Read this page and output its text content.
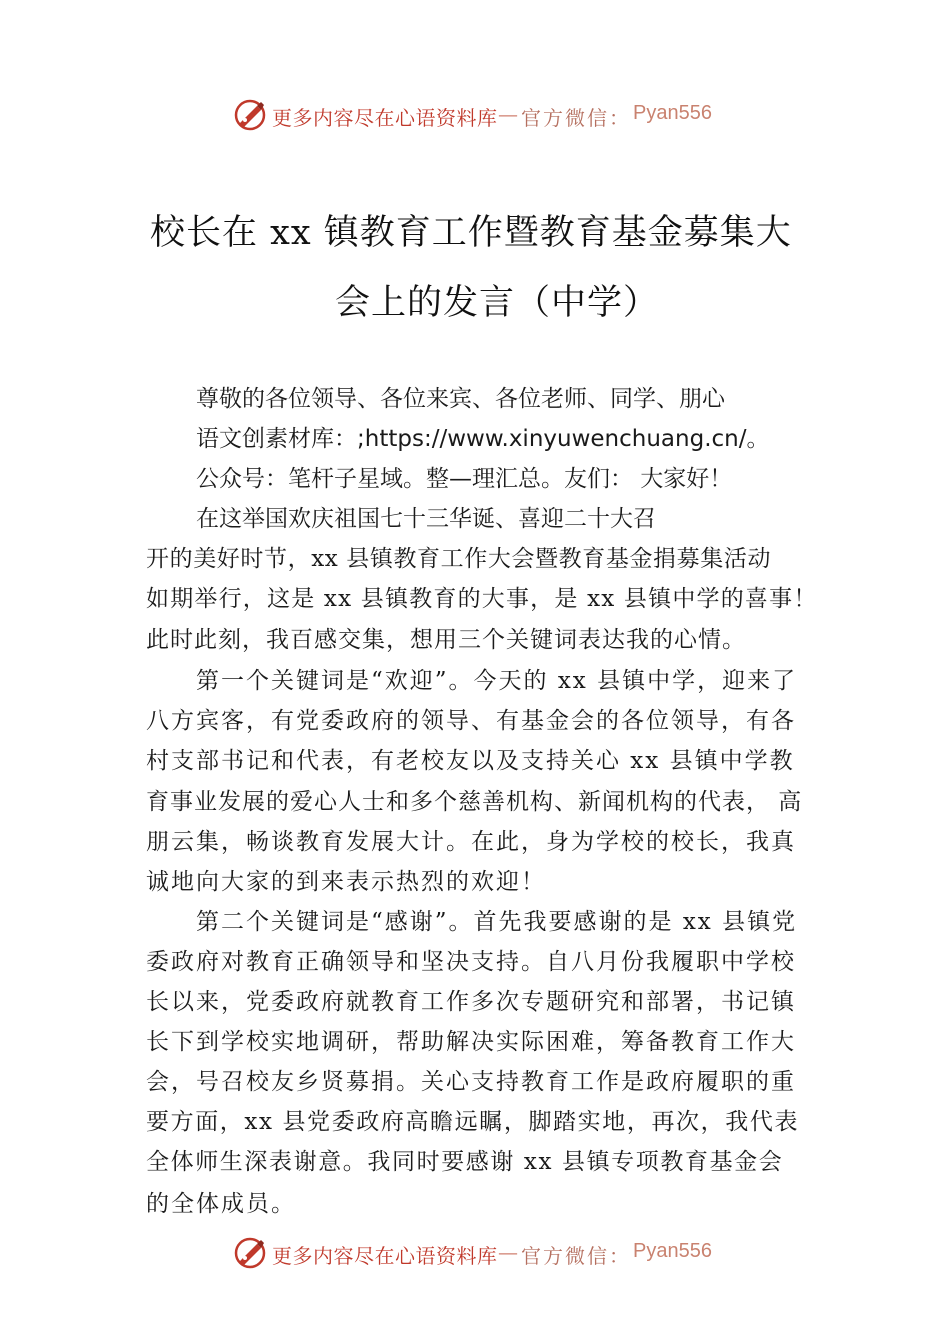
更多内容尽在心语资料库 — 官方微信： Pyan556
校长在 xx 镇教育工作暨教育基金募集大
会上的发言（中学）
尊敬的各位领导、各位来宾、各位老师、同学、朋心
语文创素材库：;https://www.xinyuwenchuang.cn/。
公众号：笔杆子星域。整—理汇总。友们： 大家好！
在这举国欢庆祖国七十三华诞、喜迎二十大召
开的美好时节，xx 县镇教育工作大会暨教育基金捐募集活动
如期举行，这是 xx 县镇教育的大事，是 xx 县镇中学的喜事！
此时此刻，我百感交集，想用三个关键词表达我的心情。
第一个关键词是“欢迎”。今天的 xx 县镇中学，迎来了
八方宾客，有党委政府的领导、有基金会的各位领导，有各
村支部书记和代表，有老校友以及支持关心 xx 县镇中学教
育事业发展的爱心人士和多个慈善机构、新闻机构的代表， 高
朋云集，畅谈教育发展大计。在此，身为学校的校长，我真
诚地向大家的到来表示热烈的欢迎！
第二个关键词是“感谢”。首先我要感谢的是 xx 县镇党
委政府对教育正确领导和坚决支持。自八月份我履职中学校
长以来，党委政府就教育工作多次专题研究和部署，书记镇
长下到学校实地调研，帮助解决实际困难，筹备教育工作大
会，号召校友乡贤募捐。关心支持教育工作是政府履职的重
要方面，xx 县党委政府高瞻远瞩，脚踏实地，再次，我代表
全体师生深表谢意。我同时要感谢 xx 县镇专项教育基金会
的全体成员。
更多内容尽在心语资料库 — 官方微信： Pyan556
